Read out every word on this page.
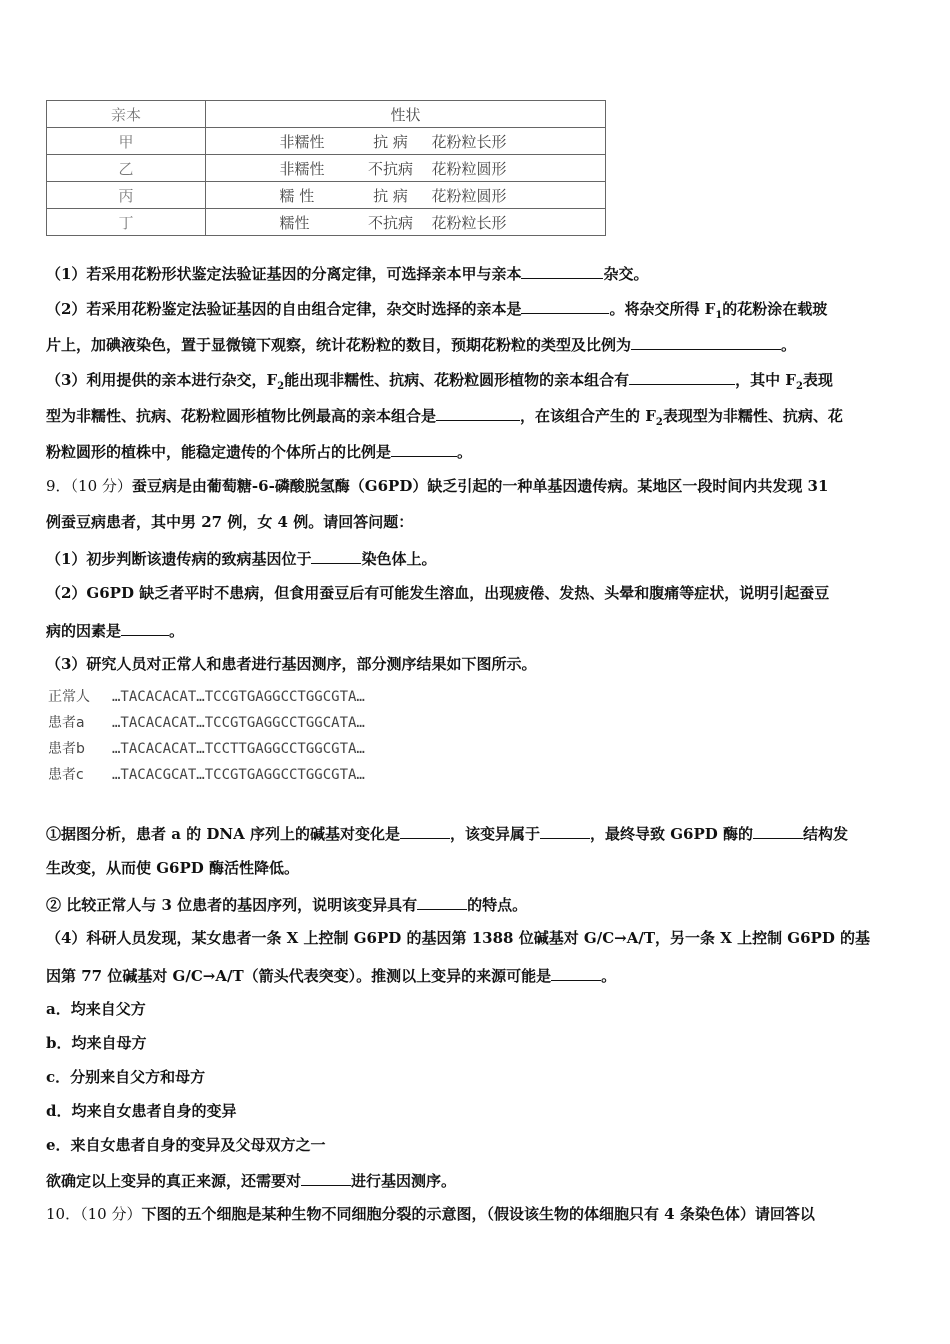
亲本	性状
甲	非糯性 抗 病 花粉粒长形
乙	非糯性 不抗病 花粉粒圆形
丙	糯 性 抗 病 花粉粒圆形
丁	糯性 不抗病 花粉粒长形
（1）若采用花粉形状鉴定法验证基因的分离定律，可选择亲本甲与亲本	杂交。
（2）若采用花粉鉴定法验证基因的自由组合定律，杂交时选择的亲本是	。将杂交所得 $F_1$的花粉涂在载玻
片上，加碘液染色，置于显微镜下观察，统计花粉粒的数目，预期花粉粒的类型及比例为	。
（3）利用提供的亲本进行杂交，$F_2$能出现非糯性、抗病、花粉粒圆形植物的亲本组合有	，其中 $F_2$表现
型为非糯性、抗病、花粉粒圆形植物比例最高的亲本组合是	，在该组合产生的 $F_2$表现型为非糯性、抗病、花
粉粒圆形的植株中，能稳定遗传的个体所占的比例是	。
9．（10 分）蚕豆病是由葡萄糖-6-磷酸脱氢酶（G6PD）缺乏引起的一种单基因遗传病。某地区一段时间内共发现 31
例蚕豆病患者，其中男 27 例，女 4 例。请回答问题：
（1）初步判断该遗传病的致病基因位于	染色体上。
（2）G6PD 缺乏者平时不患病，但食用蚕豆后有可能发生溶血，出现疲倦、发热、头晕和腹痛等症状，说明引起蚕豆
病的因素是	。
（3）研究人员对正常人和患者进行基因测序，部分测序结果如下图所示。
正常人 …TACACACAT…TCCGTGAGGCCTGGCGTA…
患者a …TACACACAT…TCCGTGAGGCCTGGCATA…
患者b …TACACACAT…TCCTTGAGGCCTGGCGTA…
患者c …TACACGCAT…TCCGTGAGGCCTGGCGTA…
①据图分析，患者 a 的 DNA 序列上的碱基对变化是	，该变异属于	，最终导致 G6PD 酶的	结构发
生改变，从而使 G6PD 酶活性降低。
② 比较正常人与 3 位患者的基因序列，说明该变异具有	的特点。
（4）科研人员发现，某女患者一条 X 上控制 G6PD 的基因第 1388 位碱基对 G/C→A/T，另一条 X 上控制 G6PD 的基
因第 77 位碱基对 G/C→A/T（箭头代表突变）。推测以上变异的来源可能是	。
a．均来自父方
b．均来自母方
c．分别来自父方和母方
d．均来自女患者自身的变异
e．来自女患者自身的变异及父母双方之一
欲确定以上变异的真正来源，还需要对	进行基因测序。
10．（10 分）下图的五个细胞是某种生物不同细胞分裂的示意图，（假设该生物的体细胞只有 4 条染色体）请回答以
